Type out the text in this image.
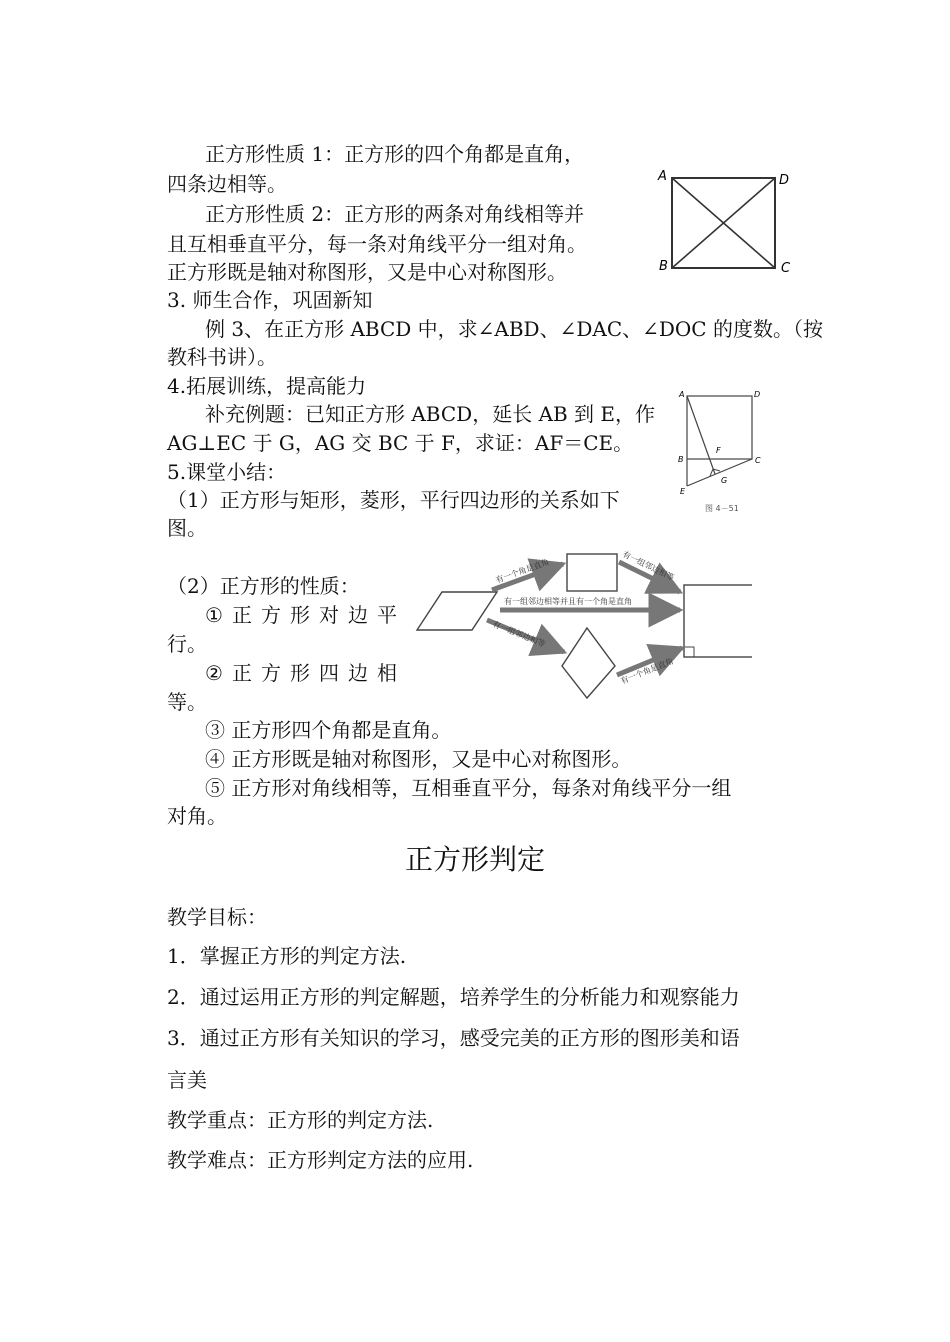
正方形性质 1：正方形的四个角都是直角，
四条边相等。
正方形性质 2：正方形的两条对角线相等并
且互相垂直平分，每一条对角线平分一组对角。
正方形既是轴对称图形，又是中心对称图形。
A	D
B	C
3. 师生合作，巩固新知
例 3、在正方形 ABCD 中，求∠ABD、∠DAC、∠DOC 的度数。（按
教科书讲）。
4.拓展训练，提高能力
补充例题：已知正方形 ABCD，延长 AB 到 E，作
AG⊥EC 于 G，AG 交 BC 于 F，求证：AF＝CE。
A	D
B	C
F
G
E
图 4－51
5.课堂小结：
（1）正方形与矩形，菱形，平行四边形的关系如下
图。
（2）正方形的性质：
① 正 方 形 对 边 平
行。
② 正 方 形 四 边 相
等。
③ 正方形四个角都是直角。
④ 正方形既是轴对称图形，又是中心对称图形。
⑤ 正方形对角线相等，互相垂直平分，每条对角线平分一组
对角。
有一个角是直角	有一组邻边相等
有一组邻边相等并且有一个角是直角
有一组邻边相等
有一个角是直角
正方形判定
教学目标：
1．掌握正方形的判定方法.
2．通过运用正方形的判定解题，培养学生的分析能力和观察能力
3．通过正方形有关知识的学习，感受完美的正方形的图形美和语
言美
教学重点：正方形的判定方法.
教学难点：正方形判定方法的应用.
